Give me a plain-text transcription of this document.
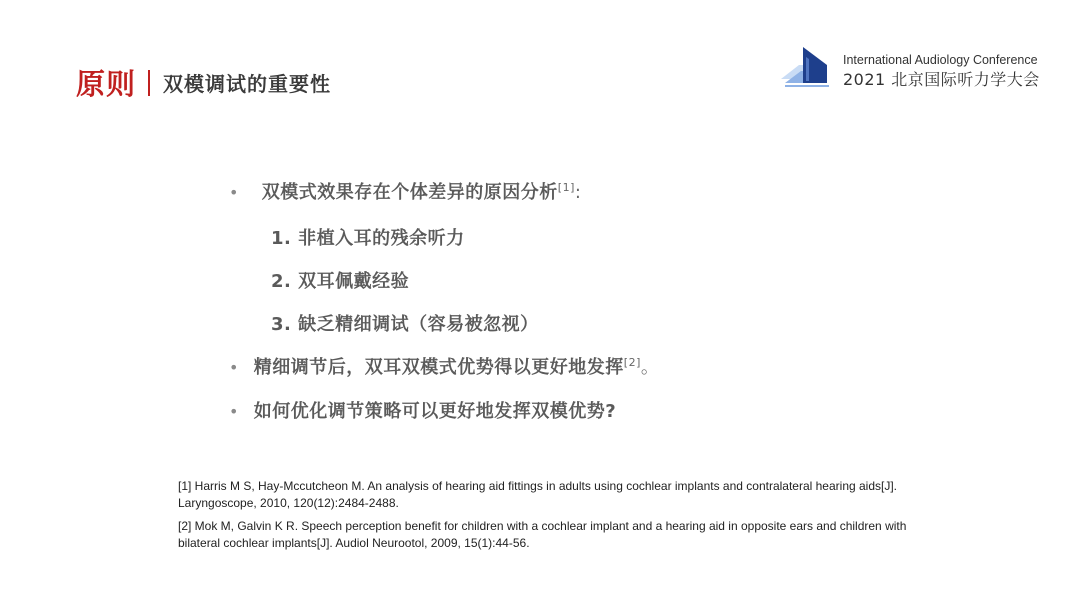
原则 双模调试的重要性
International Audiology Conference
2021 北京国际听力学大会
• 双模式效果存在个体差异的原因分析[1]:
1. 非植入耳的残余听力
2. 双耳佩戴经验
3. 缺乏精细调试（容易被忽视）
• 精细调节后，双耳双模式优势得以更好地发挥[2]。
• 如何优化调节策略可以更好地发挥双模优势?
[1] Harris M S, Hay-Mccutcheon M. An analysis of hearing aid fittings in adults using cochlear implants and contralateral hearing aids[J].
Laryngoscope, 2010, 120(12):2484-2488.
[2] Mok M, Galvin K R. Speech perception benefit for children with a cochlear implant and a hearing aid in opposite ears and children with
bilateral cochlear implants[J]. Audiol Neurootol, 2009, 15(1):44-56.
